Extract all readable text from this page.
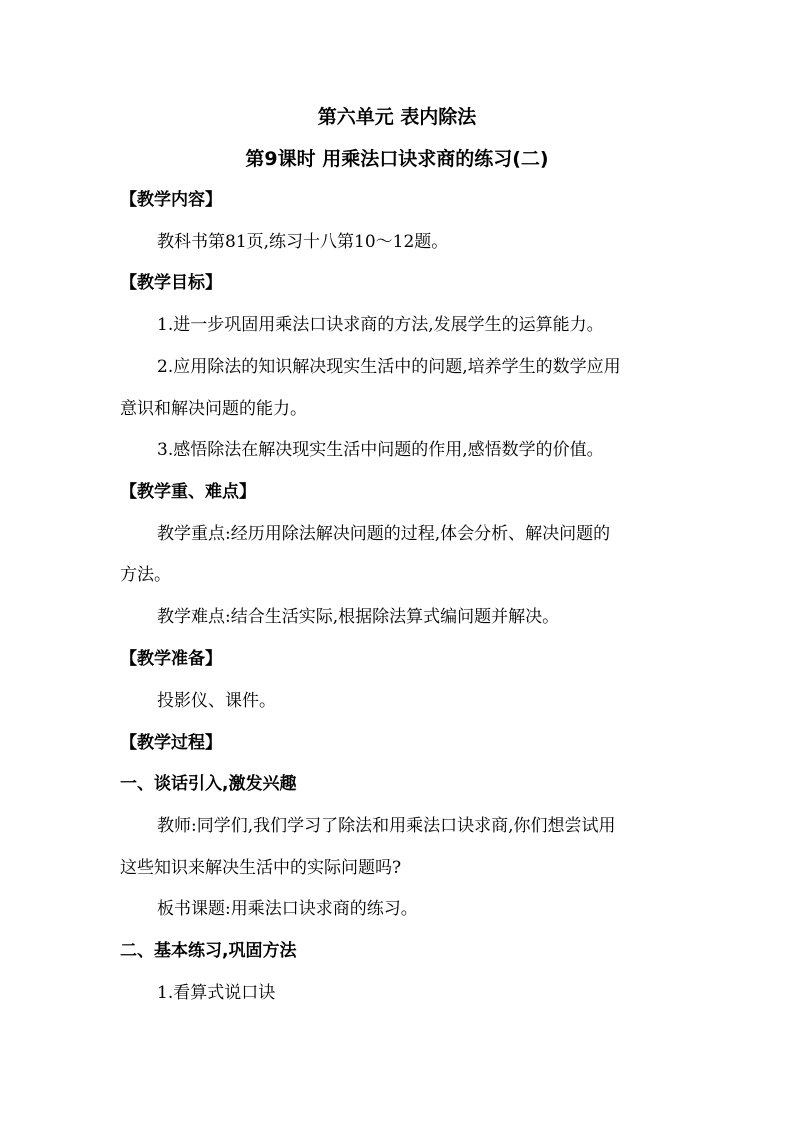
第六单元 表内除法
第9课时 用乘法口诀求商的练习(二)
【教学内容】
教科书第81页,练习十八第10～12题。
【教学目标】
1.进一步巩固用乘法口诀求商的方法,发展学生的运算能力。
2.应用除法的知识解决现实生活中的问题,培养学生的数学应用
意识和解决问题的能力。
3.感悟除法在解决现实生活中问题的作用,感悟数学的价值。
【教学重、难点】
教学重点:经历用除法解决问题的过程,体会分析、解决问题的
方法。
教学难点:结合生活实际,根据除法算式编问题并解决。
【教学准备】
投影仪、课件。
【教学过程】
一、谈话引入,激发兴趣
教师:同学们,我们学习了除法和用乘法口诀求商,你们想尝试用
这些知识来解决生活中的实际问题吗?
板书课题:用乘法口诀求商的练习。
二、基本练习,巩固方法
1.看算式说口诀
